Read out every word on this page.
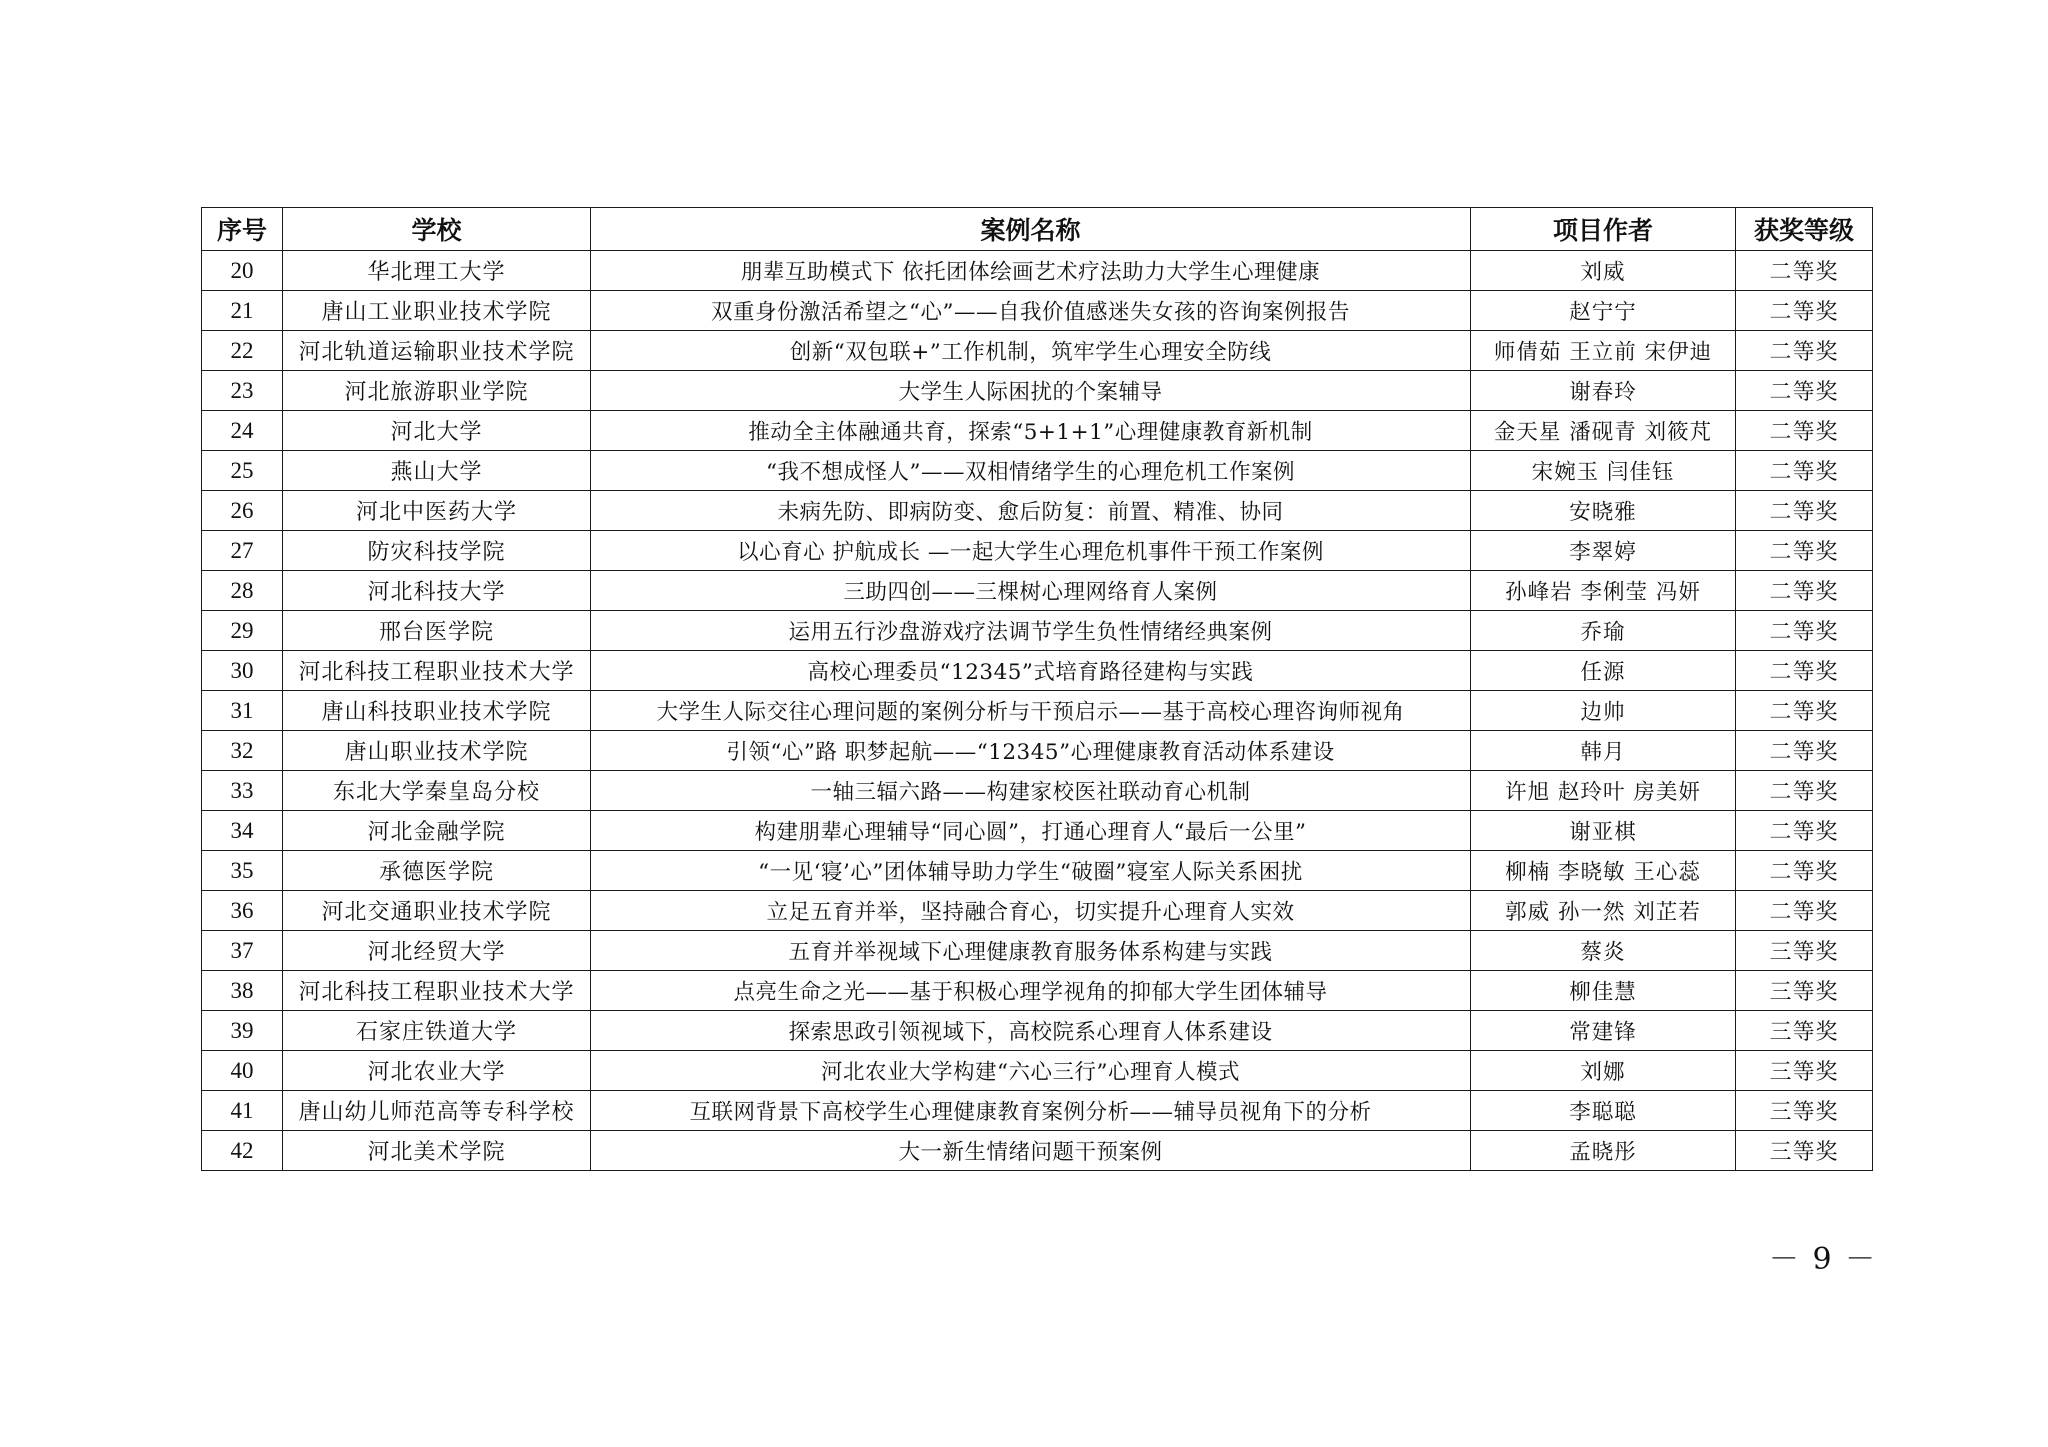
序号	学校	案例名称	项目作者	获奖等级
20	华北理工大学	朋辈互助模式下 依托团体绘画艺术疗法助力大学生心理健康	刘威	二等奖
21	唐山工业职业技术学院	双重身份激活希望之“心”——自我价值感迷失女孩的咨询案例报告	赵宁宁	二等奖
22	河北轨道运输职业技术学院	创新“双包联+”工作机制，筑牢学生心理安全防线	师倩茹 王立前 宋伊迪	二等奖
23	河北旅游职业学院	大学生人际困扰的个案辅导	谢春玲	二等奖
24	河北大学	推动全主体融通共育，探索“5+1+1”心理健康教育新机制	金天星 潘砚青 刘筱芃	二等奖
25	燕山大学	“我不想成怪人”——双相情绪学生的心理危机工作案例	宋婉玉 闫佳钰	二等奖
26	河北中医药大学	未病先防、即病防变、愈后防复：前置、精准、协同	安晓雅	二等奖
27	防灾科技学院	以心育心 护航成长 —一起大学生心理危机事件干预工作案例	李翠婷	二等奖
28	河北科技大学	三助四创——三棵树心理网络育人案例	孙峰岩 李俐莹 冯妍	二等奖
29	邢台医学院	运用五行沙盘游戏疗法调节学生负性情绪经典案例	乔瑜	二等奖
30	河北科技工程职业技术大学	高校心理委员“12345”式培育路径建构与实践	任源	二等奖
31	唐山科技职业技术学院	大学生人际交往心理问题的案例分析与干预启示——基于高校心理咨询师视角	边帅	二等奖
32	唐山职业技术学院	引领“心”路 职梦起航——“12345”心理健康教育活动体系建设	韩月	二等奖
33	东北大学秦皇岛分校	一轴三辐六路——构建家校医社联动育心机制	许旭 赵玲叶 房美妍	二等奖
34	河北金融学院	构建朋辈心理辅导“同心圆”，打通心理育人“最后一公里”	谢亚棋	二等奖
35	承德医学院	“一见‘寝’心”团体辅导助力学生“破圈”寝室人际关系困扰	柳楠 李晓敏 王心蕊	二等奖
36	河北交通职业技术学院	立足五育并举，坚持融合育心，切实提升心理育人实效	郭威 孙一然 刘芷若	二等奖
37	河北经贸大学	五育并举视域下心理健康教育服务体系构建与实践	蔡炎	三等奖
38	河北科技工程职业技术大学	点亮生命之光——基于积极心理学视角的抑郁大学生团体辅导	柳佳慧	三等奖
39	石家庄铁道大学	探索思政引领视域下，高校院系心理育人体系建设	常建锋	三等奖
40	河北农业大学	河北农业大学构建“六心三行”心理育人模式	刘娜	三等奖
41	唐山幼儿师范高等专科学校	互联网背景下高校学生心理健康教育案例分析——辅导员视角下的分析	李聪聪	三等奖
42	河北美术学院	大一新生情绪问题干预案例	孟晓彤	三等奖
－ 9 －
